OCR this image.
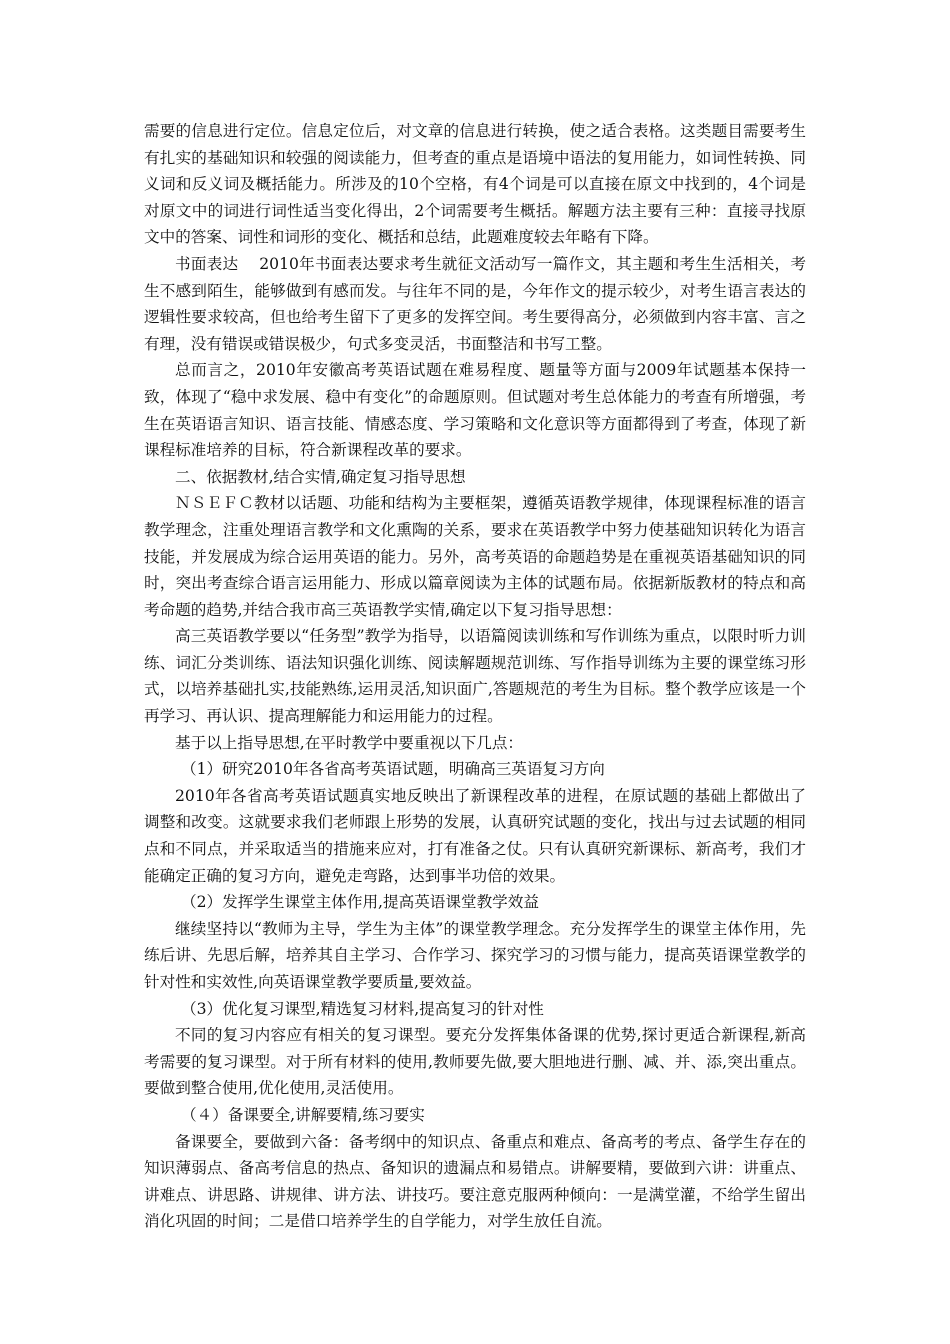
需要的信息进行定位。信息定位后，对文章的信息进行转换，使之适合表格。这类题目需要考生有扎实的基础知识和较强的阅读能力，但考查的重点是语境中语法的复用能力，如词性转换、同义词和反义词及概括能力。所涉及的10个空格，有4个词是可以直接在原文中找到的，4个词是对原文中的词进行词性适当变化得出，2个词需要考生概括。解题方法主要有三种：直接寻找原文中的答案、词性和词形的变化、概括和总结，此题难度较去年略有下降。

书面表达    2010年书面表达要求考生就征文活动写一篇作文，其主题和考生生活相关，考生不感到陌生，能够做到有感而发。与往年不同的是，今年作文的提示较少，对考生语言表达的逻辑性要求较高，但也给考生留下了更多的发挥空间。考生要得高分，必须做到内容丰富、言之有理，没有错误或错误极少，句式多变灵活，书面整洁和书写工整。

总而言之，2010年安徽高考英语试题在难易程度、题量等方面与2009年试题基本保持一致，体现了“稳中求发展、稳中有变化”的命题原则。但试题对考生总体能力的考查有所增强，考生在英语语言知识、语言技能、情感态度、学习策略和文化意识等方面都得到了考查，体现了新课程标准培养的目标，符合新课程改革的要求。

二、依据教材,结合实情,确定复习指导思想

ＮＳＥＦＣ教材以话题、功能和结构为主要框架，遵循英语教学规律，体现课程标准的语言教学理念，注重处理语言教学和文化熏陶的关系，要求在英语教学中努力使基础知识转化为语言技能，并发展成为综合运用英语的能力。另外，高考英语的命题趋势是在重视英语基础知识的同时，突出考查综合语言运用能力、形成以篇章阅读为主体的试题布局。依据新版教材的特点和高考命题的趋势,并结合我市高三英语教学实情,确定以下复习指导思想：

高三英语教学要以“任务型”教学为指导，以语篇阅读训练和写作训练为重点，以限时听力训练、词汇分类训练、语法知识强化训练、阅读解题规范训练、写作指导训练为主要的课堂练习形式，以培养基础扎实,技能熟练,运用灵活,知识面广,答题规范的考生为目标。整个教学应该是一个再学习、再认识、提高理解能力和运用能力的过程。

基于以上指导思想,在平时教学中要重视以下几点：

（1）研究2010年各省高考英语试题，明确高三英语复习方向

2010年各省高考英语试题真实地反映出了新课程改革的进程，在原试题的基础上都做出了调整和改变。这就要求我们老师跟上形势的发展，认真研究试题的变化，找出与过去试题的相同点和不同点，并采取适当的措施来应对，打有准备之仗。只有认真研究新课标、新高考，我们才能确定正确的复习方向，避免走弯路，达到事半功倍的效果。

（2）发挥学生课堂主体作用,提高英语课堂教学效益

继续坚持以“教师为主导，学生为主体”的课堂教学理念。充分发挥学生的课堂主体作用，先练后讲、先思后解，培养其自主学习、合作学习、探究学习的习惯与能力，提高英语课堂教学的针对性和实效性,向英语课堂教学要质量,要效益。

（3）优化复习课型,精选复习材料,提高复习的针对性

不同的复习内容应有相关的复习课型。要充分发挥集体备课的优势,探讨更适合新课程,新高考需要的复习课型。对于所有材料的使用,教师要先做,要大胆地进行删、减、并、添,突出重点。要做到整合使用,优化使用,灵活使用。

（４）备课要全,讲解要精,练习要实

备课要全，要做到六备：备考纲中的知识点、备重点和难点、备高考的考点、备学生存在的知识薄弱点、备高考信息的热点、备知识的遗漏点和易错点。讲解要精，要做到六讲：讲重点、讲难点、讲思路、讲规律、讲方法、讲技巧。要注意克服两种倾向：一是满堂灌，不给学生留出消化巩固的时间；二是借口培养学生的自学能力，对学生放任自流。
